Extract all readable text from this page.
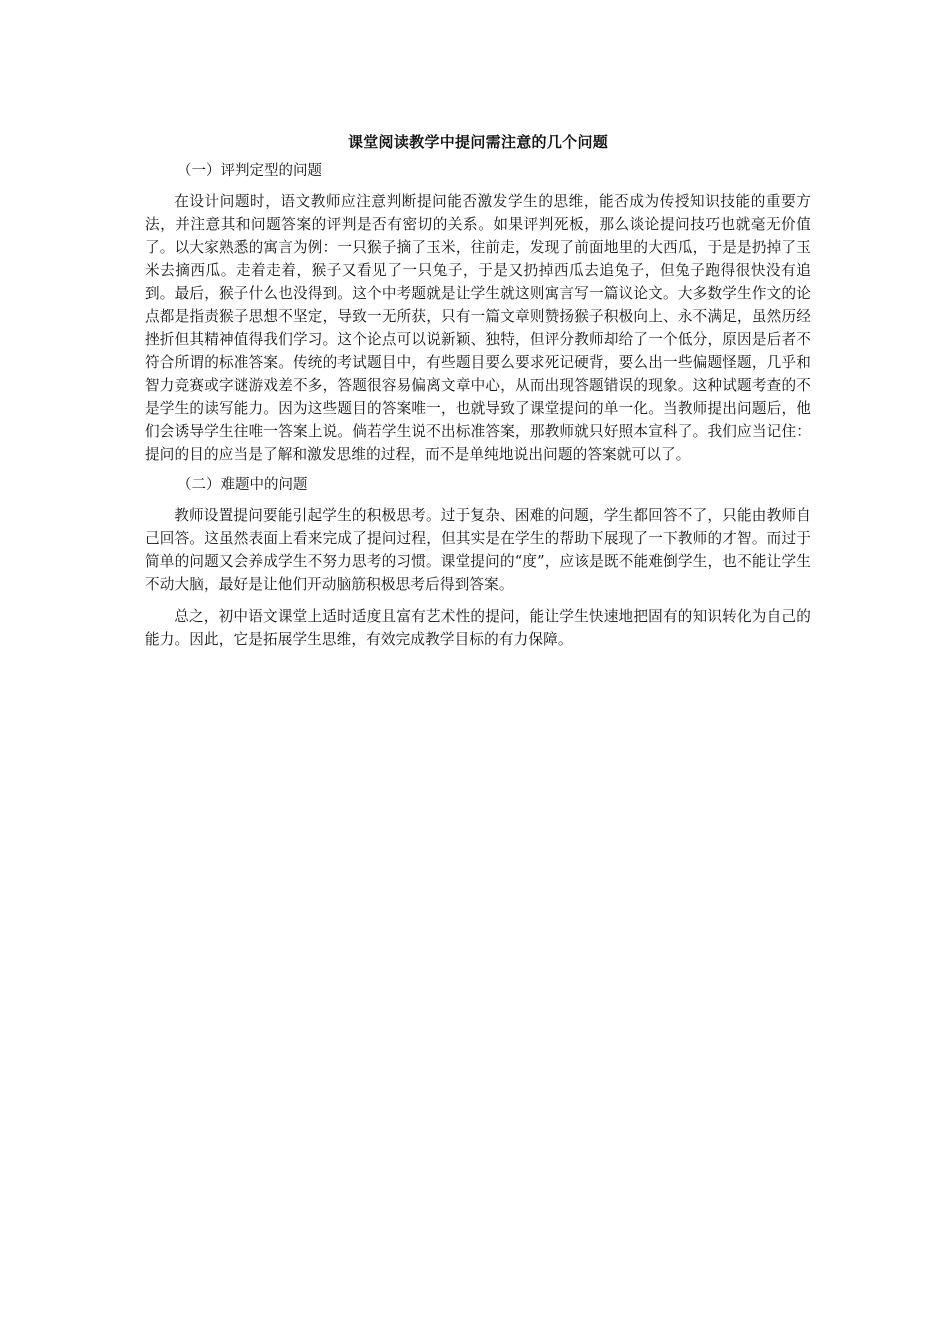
课堂阅读教学中提问需注意的几个问题

（一）评判定型的问题

在设计问题时，语文教师应注意判断提问能否激发学生的思维，能否成为传授知识技能的重要方法，并注意其和问题答案的评判是否有密切的关系。如果评判死板，那么谈论提问技巧也就毫无价值了。以大家熟悉的寓言为例：一只猴子摘了玉米，往前走，发现了前面地里的大西瓜，于是是扔掉了玉米去摘西瓜。走着走着，猴子又看见了一只兔子，于是又扔掉西瓜去追兔子，但兔子跑得很快没有追到。最后，猴子什么也没得到。这个中考题就是让学生就这则寓言写一篇议论文。大多数学生作文的论点都是指责猴子思想不坚定，导致一无所获，只有一篇文章则赞扬猴子积极向上、永不满足，虽然历经挫折但其精神值得我们学习。这个论点可以说新颖、独特，但评分教师却给了一个低分，原因是后者不符合所谓的标准答案。传统的考试题目中，有些题目要么要求死记硬背，要么出一些偏题怪题，几乎和智力竞赛或字谜游戏差不多，答题很容易偏离文章中心，从而出现答题错误的现象。这种试题考查的不是学生的读写能力。因为这些题目的答案唯一，也就导致了课堂提问的单一化。当教师提出问题后，他们会诱导学生往唯一答案上说。倘若学生说不出标准答案，那教师就只好照本宣科了。我们应当记住：提问的目的应当是了解和激发思维的过程，而不是单纯地说出问题的答案就可以了。

（二）难题中的问题

教师设置提问要能引起学生的积极思考。过于复杂、困难的问题，学生都回答不了，只能由教师自己回答。这虽然表面上看来完成了提问过程，但其实是在学生的帮助下展现了一下教师的才智。而过于简单的问题又会养成学生不努力思考的习惯。课堂提问的“度”，应该是既不能难倒学生，也不能让学生不动大脑，最好是让他们开动脑筋积极思考后得到答案。

总之，初中语文课堂上适时适度且富有艺术性的提问，能让学生快速地把固有的知识转化为自己的能力。因此，它是拓展学生思维，有效完成教学目标的有力保障。
